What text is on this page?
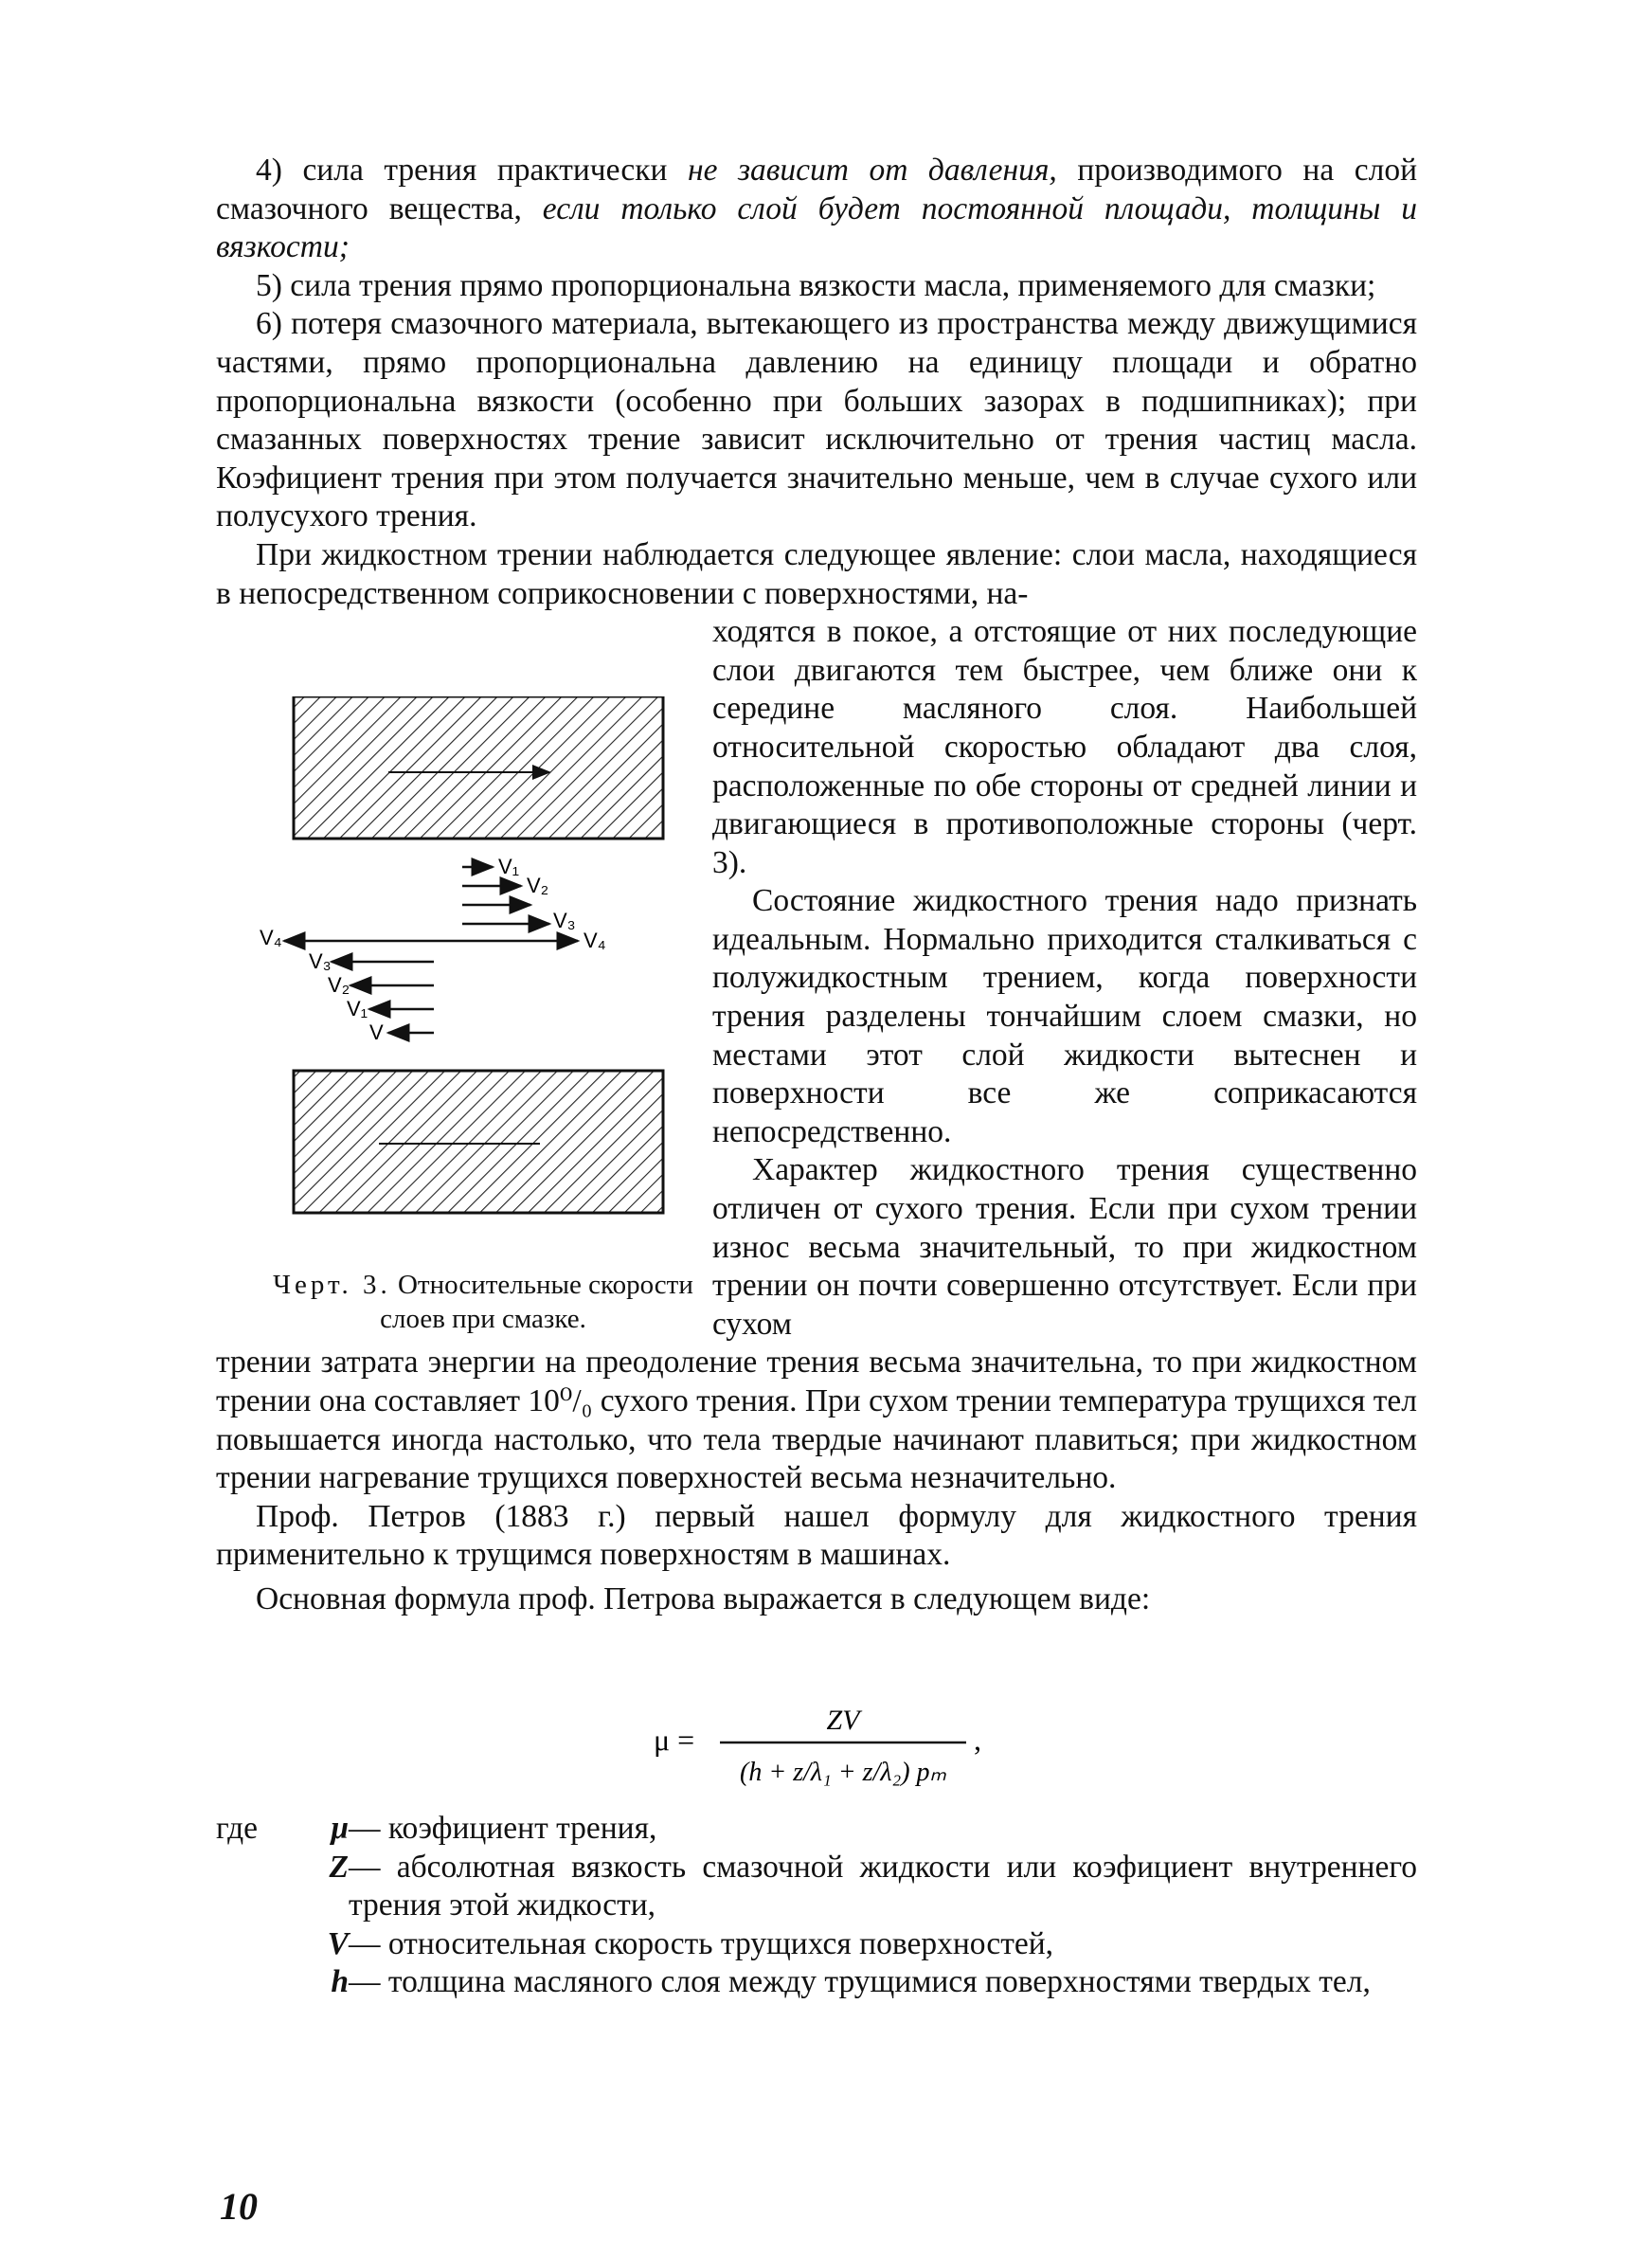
4) сила трения практически не зависит от давления, производимого на слой смазочного вещества, если только слой будет постоянной площади, толщины и вязкости;

5) сила трения прямо пропорциональна вязкости масла, применяемого для смазки;

6) потеря смазочного материала, вытекающего из пространства между движущимися частями, прямо пропорциональна давлению на единицу площади и обратно пропорциональна вязкости (особенно при больших зазорах в подшипниках); при смазанных поверхностях трение зависит исключительно от трения частиц масла. Коэфициент трения при этом получается значительно меньше, чем в случае сухого или полусухого трения.

При жидкостном трении наблюдается следующее явление: слои масла, находящиеся в непосредственном соприкосновении с поверхностями, на-

ходятся в покое, а отстоящие от них последующие слои двигаются тем быстрее, чем ближе они к середине масляного слоя. Наибольшей относительной скоростью обладают два слоя, расположенные по обе стороны от средней линии и двигающиеся в противоположные стороны (черт. 3).

Состояние жидкостного трения надо признать идеальным. Нормально приходится сталкиваться с полужидкостным трением, когда поверхности трения разделены тончайшим слоем смазки, но местами этот слой жидкости вытеснен и поверхности все же соприкасаются непосредственно.

Характер жидкостного трения существенно отличен от сухого трения. Если при сухом трении износ весьма значительный, то при жидкостном трении он почти совершенно отсутствует. Если при сухом

трении затрата энергии на преодоление трения весьма значительна, то при жидкостном трении она составляет 10⁰/₀ сухого трения. При сухом трении температура трущихся тел повышается иногда настолько, что тела твердые начинают плавиться; при жидкостном трении нагревание трущихся поверхностей весьма незначительно.

Проф. Петров (1883 г.) первый нашел формулу для жидкостного трения применительно к трущимся поверхностям в машинах.

Основная формула проф. Петрова выражается в следующем виде:

V₁
V₂
V₃
V₄
V₄
V₃
V₂
V₁
V
Черт. 3. Относительные скорости слоев при смазке.
μ =
ZV
(h + z/λ₁ + z/λ₂) pₘ
,
где	μ — коэфициент трения,
Z — абсолютная вязкость смазочной жидкости или коэфициент внутреннего трения этой жидкости,
V — относительная скорость трущихся поверхностей,
h — толщина масляного слоя между трущимися поверхностями твердых тел,
10
